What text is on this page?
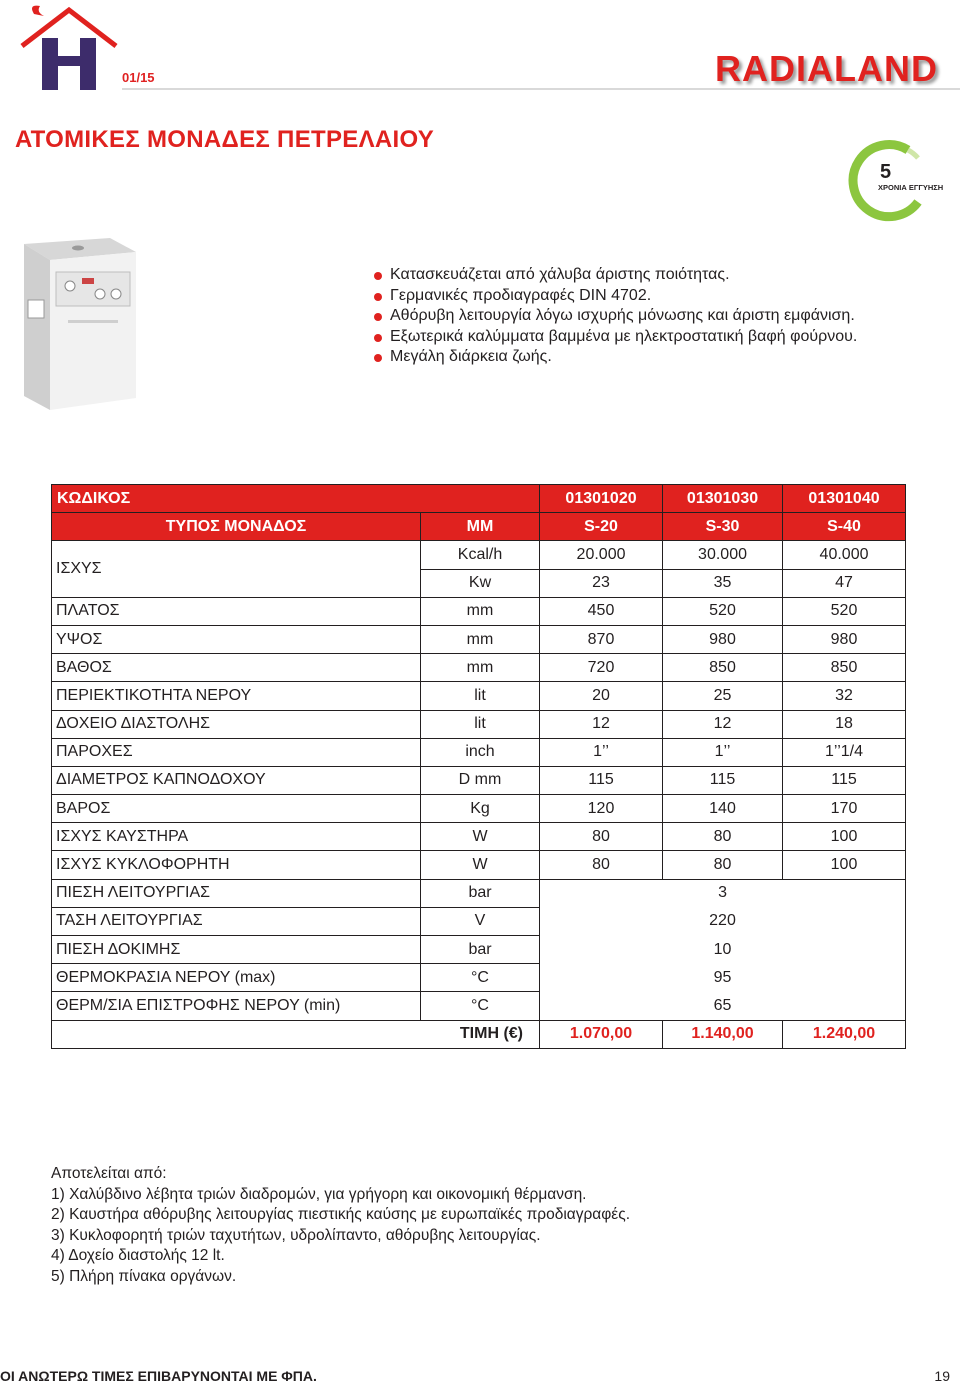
01/15	RADIALAND
ΑΤΟΜΙΚΕΣ ΜΟΝΑΔΕΣ ΠΕΤΡΕΛΑΙΟΥ
5
ΧΡΟΝΙΑ ΕΓΓΥΗΣΗ
Κατασκευάζεται από χάλυβα άριστης ποιότητας.
Γερμανικές προδιαγραφές DIN 4702.
Αθόρυβη λειτουργία λόγω ισχυρής μόνωσης και άριστη εμφάνιση.
Εξωτερικά καλύμματα βαμμένα με ηλεκτροστατική βαφή φούρνου.
Μεγάλη διάρκεια ζωής.
ΚΩΔΙΚΟΣ		01301020	01301030	01301040
ΤΥΠΟΣ ΜΟΝΑΔΟΣ	ΜΜ	S-20	S-30	S-40
ΙΣΧΥΣ	Kcal/h	20.000	30.000	40.000
	Kw	23	35	47
ΠΛΑΤΟΣ	mm	450	520	520
ΥΨΟΣ	mm	870	980	980
ΒΑΘΟΣ	mm	720	850	850
ΠΕΡΙΕΚΤΙΚΟΤΗΤΑ ΝΕΡΟΥ	lit	20	25	32
ΔΟΧΕΙΟ ΔΙΑΣΤΟΛΗΣ	lit	12	12	18
ΠΑΡΟΧΕΣ	inch	1’’	1’’	1’’1/4
ΔΙΑΜΕΤΡΟΣ ΚΑΠΝΟΔΟΧΟΥ	D mm	115	115	115
ΒΑΡΟΣ	Kg	120	140	170
ΙΣΧΥΣ ΚΑΥΣΤΗΡΑ	W	80	80	100
ΙΣΧΥΣ ΚΥΚΛΟΦΟΡΗΤΗ	W	80	80	100
ΠΙΕΣΗ ΛΕΙΤΟΥΡΓΙΑΣ	bar	3		
ΤΑΣΗ ΛΕΙΤΟΥΡΓΙΑΣ	V	220		
ΠΙΕΣΗ ΔΟΚΙΜΗΣ	bar	10		
ΘΕΡΜΟΚΡΑΣΙΑ ΝΕΡΟΥ (max)	°C	95		
ΘΕΡΜ/ΣΙΑ ΕΠΙΣΤΡΟΦΗΣ ΝΕΡΟΥ (min)	°C	65		
ΤΙΜΗ (€)		1.070,00	1.140,00	1.240,00
Αποτελείται από:
1) Χαλύβδινο λέβητα τριών διαδρομών, για γρήγορη και οικονομική θέρμανση.
2) Καυστήρα αθόρυβης λειτουργίας πιεστικής καύσης με ευρωπαϊκές προδιαγραφές.
3) Κυκλοφορητή τριών ταχυτήτων, υδρολίπαντο, αθόρυβης λειτουργίας.
4) Δοχείο διαστολής 12 lt.
5) Πλήρη πίνακα οργάνων.
ΟΙ ΑΝΩΤΕΡΩ ΤΙΜΕΣ ΕΠΙΒΑΡΥΝΟΝΤΑΙ ΜΕ ΦΠΑ.	19
